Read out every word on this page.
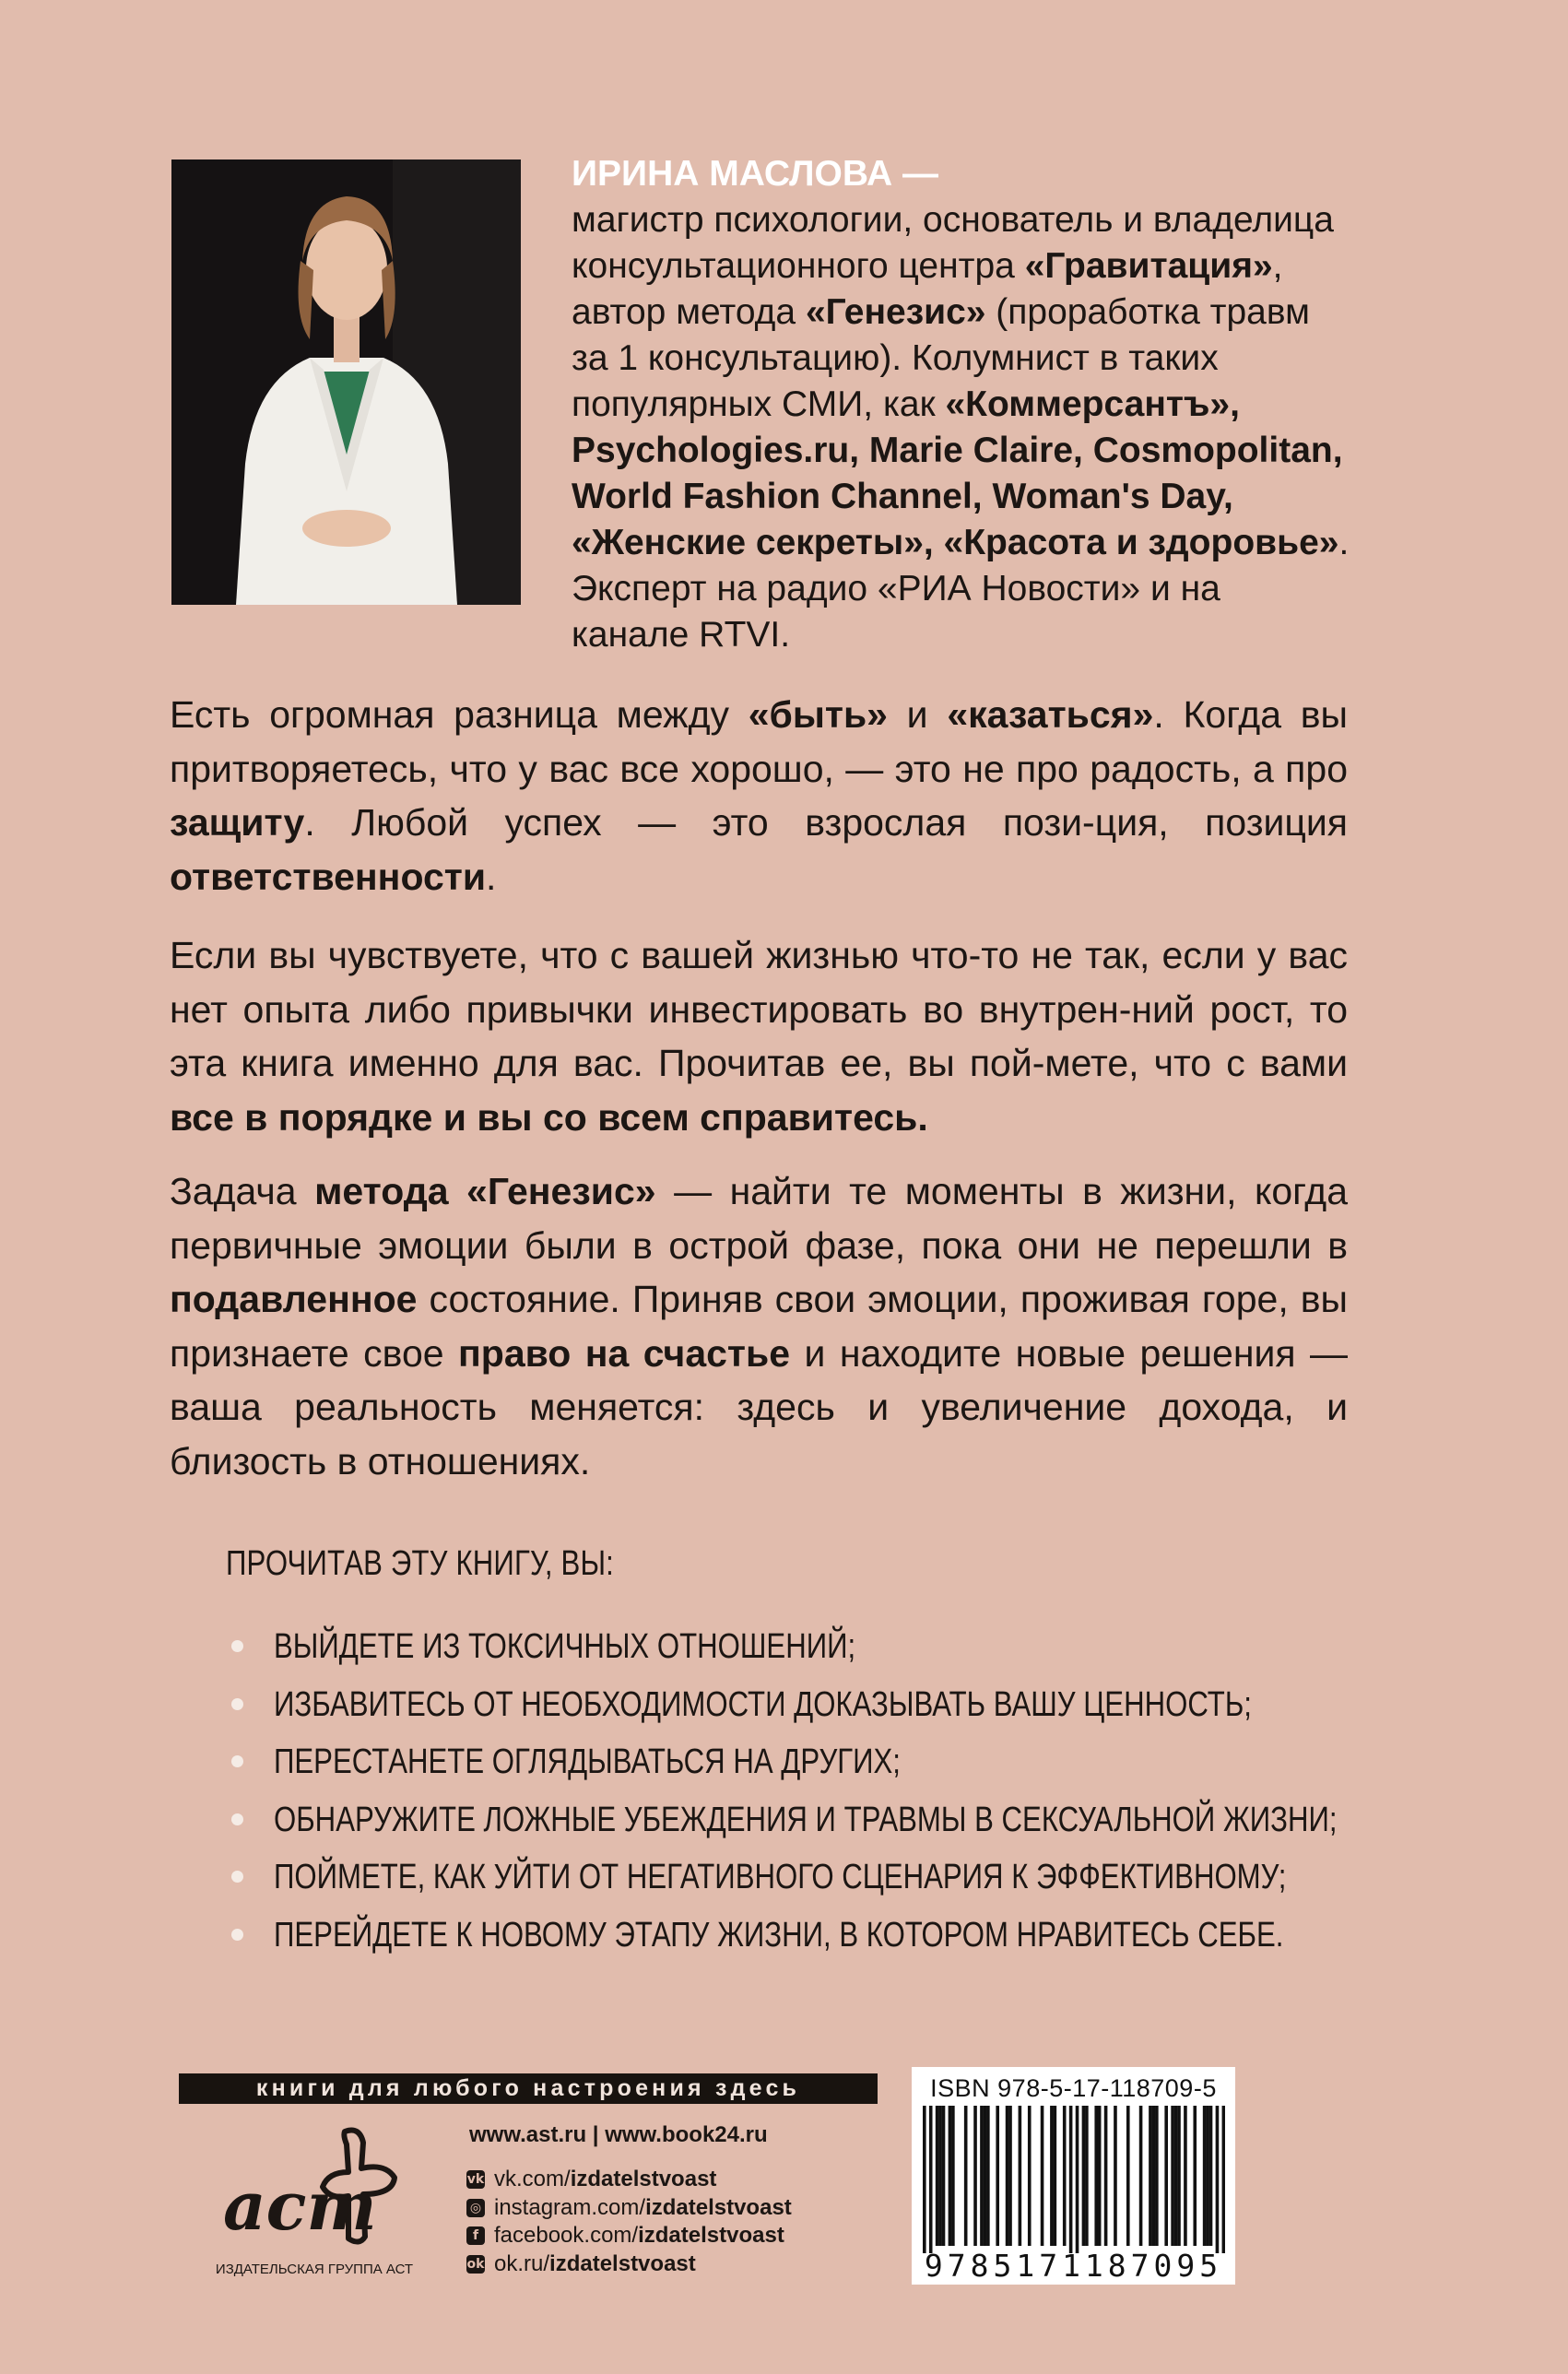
ИРИНА МАСЛОВА —
магистр психологии, основатель и владелица
консультационного центра «Гравитация»,
автор метода «Генезис» (проработка травм
за 1 консультацию). Колумнист в таких
популярных СМИ, как «Коммерсантъ»,
Psychologies.ru, Marie Claire, Cosmopolitan,
World Fashion Channel, Woman's Day,
«Женские секреты», «Красота и здоровье».
Эксперт на радио «РИА Новости» и на
канале RTVI.
Есть огромная разница между «быть» и «казаться». Когда вы притворяетесь, что у вас все хорошо, — это не про радость, а про защиту. Любой успех — это взрослая пози-ция, позиция ответственности.
Если вы чувствуете, что с вашей жизнью что-то не так, если у вас нет опыта либо привычки инвестировать во внутрен-ний рост, то эта книга именно для вас. Прочитав ее, вы пой-мете, что с вами все в порядке и вы со всем справитесь.
Задача метода «Генезис» — найти те моменты в жизни, когда первичные эмоции были в острой фазе, пока они не перешли в подавленное состояние. Приняв свои эмоции, проживая горе, вы признаете свое право на счастье и находите новые решения — ваша реальность меняется: здесь и увеличение дохода, и близость в отношениях.
ПРОЧИТАВ ЭТУ КНИГУ, ВЫ:
ВЫЙДЕТЕ ИЗ ТОКСИЧНЫХ ОТНОШЕНИЙ;
ИЗБАВИТЕСЬ ОТ НЕОБХОДИМОСТИ ДОКАЗЫВАТЬ ВАШУ ЦЕННОСТЬ;
ПЕРЕСТАНЕТЕ ОГЛЯДЫВАТЬСЯ НА ДРУГИХ;
ОБНАРУЖИТЕ ЛОЖНЫЕ УБЕЖДЕНИЯ И ТРАВМЫ В СЕКСУАЛЬНОЙ ЖИЗНИ;
ПОЙМЕТЕ, КАК УЙТИ ОТ НЕГАТИВНОГО СЦЕНАРИЯ К ЭФФЕКТИВНОМУ;
ПЕРЕЙДЕТЕ К НОВОМУ ЭТАПУ ЖИЗНИ, В КОТОРОМ НРАВИТЕСЬ СЕБЕ.
книги для любого настроения здесь
аст
ИЗДАТЕЛЬСКАЯ ГРУППА АСТ
www.ast.ru | www.book24.ru
vk vk.com/ izdatelstvoast
◎ instagram.com/ izdatelstvoast
f facebook.com/ izdatelstvoast
ok ok.ru/ izdatelstvoast
ISBN 978-5-17-118709-5
9785171187095
